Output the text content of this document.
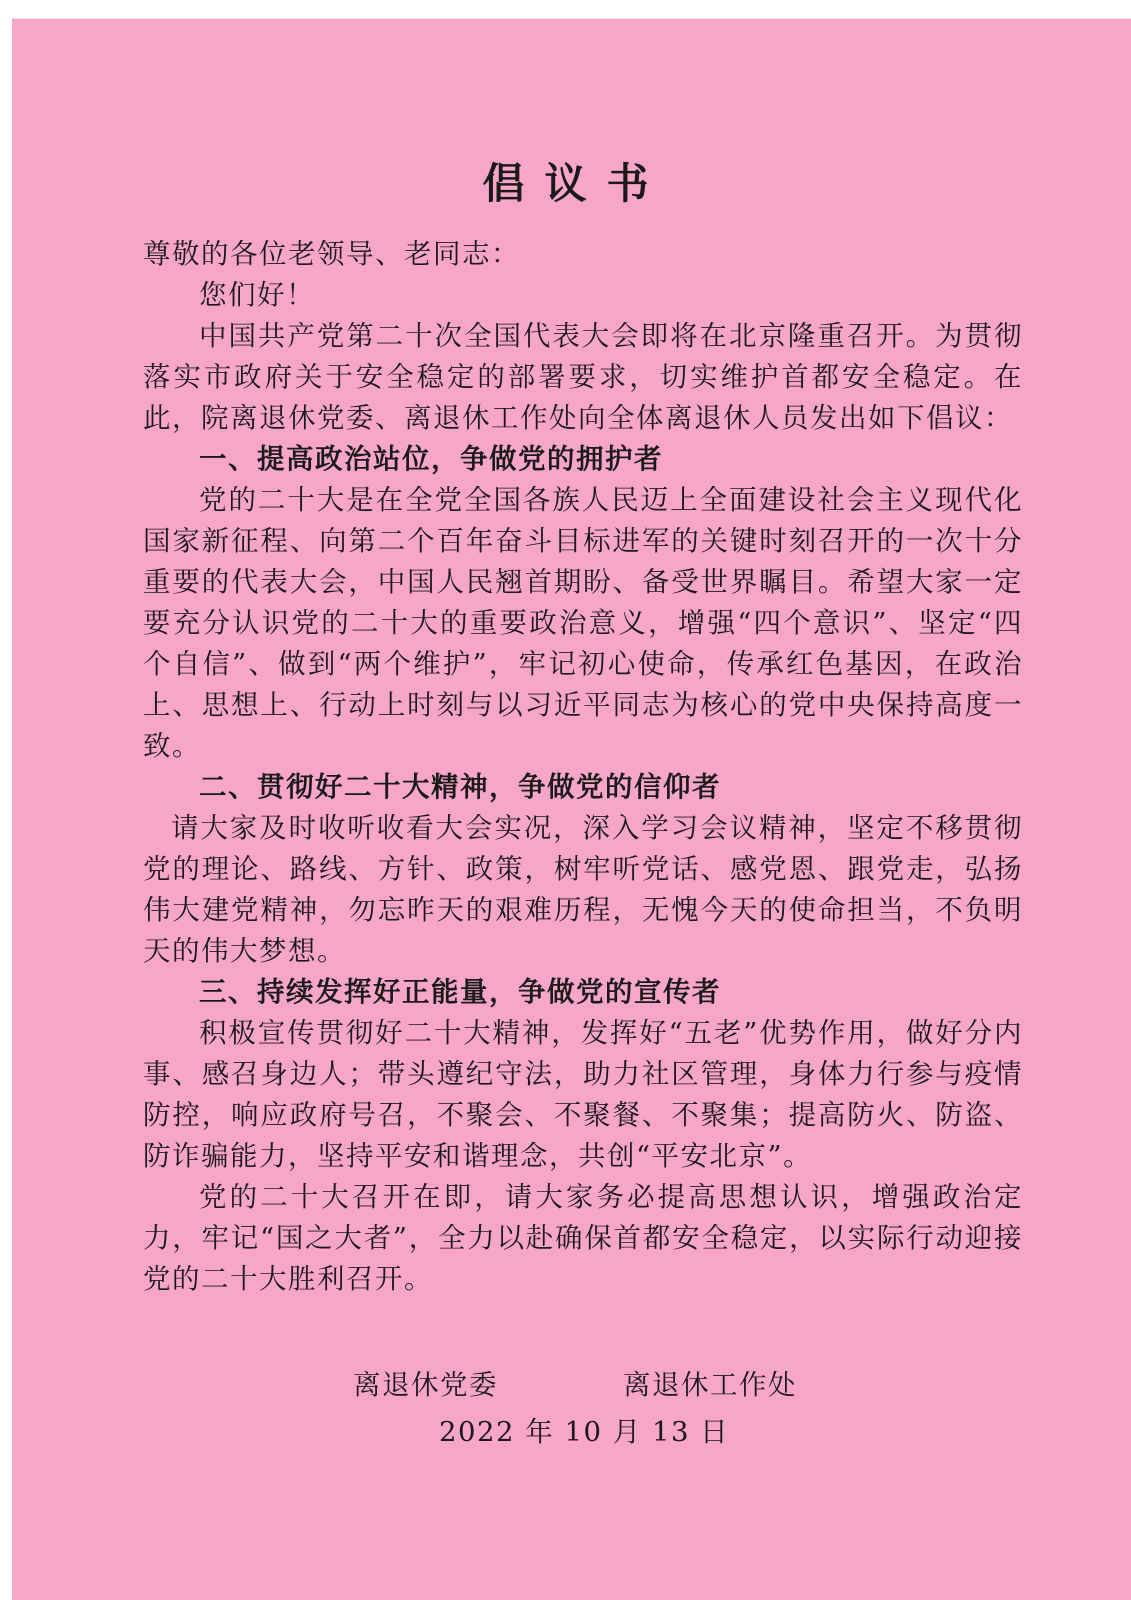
倡议书

尊敬的各位老领导、老同志：

您们好！

中国共产党第二十次全国代表大会即将在北京隆重召开。为贯彻落实市政府关于安全稳定的部署要求，切实维护首都安全稳定。在此，院离退休党委、离退休工作处向全体离退休人员发出如下倡议：

一、提高政治站位，争做党的拥护者

党的二十大是在全党全国各族人民迈上全面建设社会主义现代化国家新征程、向第二个百年奋斗目标进军的关键时刻召开的一次十分重要的代表大会，中国人民翘首期盼、备受世界瞩目。希望大家一定要充分认识党的二十大的重要政治意义，增强“四个意识”、坚定“四个自信”、做到“两个维护”，牢记初心使命，传承红色基因，在政治上、思想上、行动上时刻与以习近平同志为核心的党中央保持高度一致。

二、贯彻好二十大精神，争做党的信仰者

请大家及时收听收看大会实况，深入学习会议精神，坚定不移贯彻党的理论、路线、方针、政策，树牢听党话、感党恩、跟党走，弘扬伟大建党精神，勿忘昨天的艰难历程，无愧今天的使命担当，不负明天的伟大梦想。

三、持续发挥好正能量，争做党的宣传者

积极宣传贯彻好二十大精神，发挥好“五老”优势作用，做好分内事、感召身边人；带头遵纪守法，助力社区管理，身体力行参与疫情防控，响应政府号召，不聚会、不聚餐、不聚集；提高防火、防盗、防诈骗能力，坚持平安和谐理念，共创“平安北京”。

党的二十大召开在即，请大家务必提高思想认识，增强政治定力，牢记“国之大者”，全力以赴确保首都安全稳定，以实际行动迎接党的二十大胜利召开。

离退休党委	离退休工作处
2022 年 10 月 13 日
